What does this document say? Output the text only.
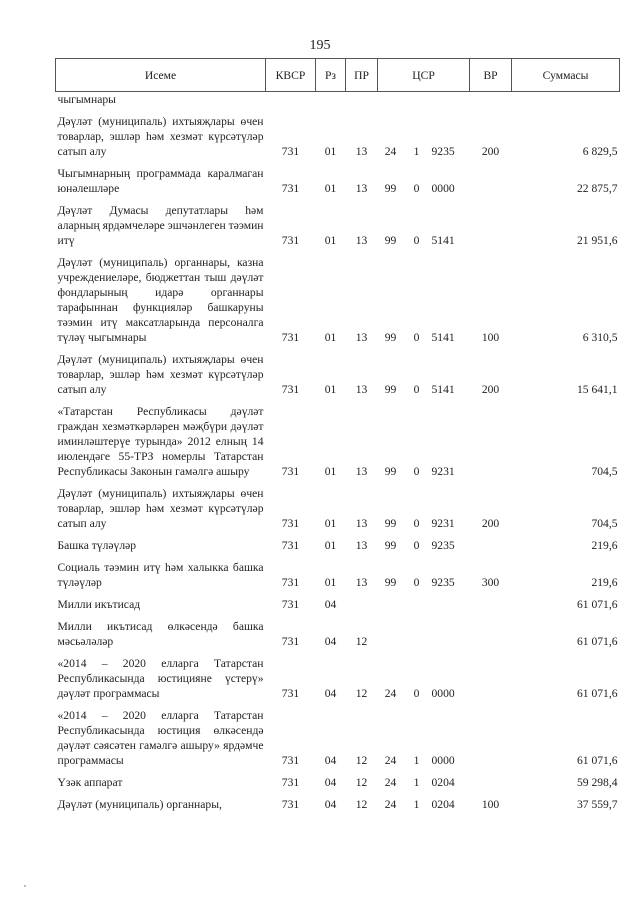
195
Исеме	КВСР	Рз	ПР	ЦСР			ВР	Суммасы
чыгымнары								
Дәүләт (муниципаль) ихтыяҗлары өчен товарлар, эшләр һәм хезмәт күрсәтүләр сатып алу	731	01	13	24	1	9235	200	6 829,5
Чыгымнарның программада каралмаган юнәлешләре	731	01	13	99	0	0000		22 875,7
Дәүләт Думасы депутатлары һәм аларның ярдәмчеләре эшчәнлеген тәэмин итү	731	01	13	99	0	5141		21 951,6
Дәүләт (муниципаль) органнары, казна учреждениеләре, бюджеттан тыш дәүләт фондларының идарә органнары тарафыннан функцияләр башкаруны тәэмин итү максатларында персоналга түләү чыгымнары	731	01	13	99	0	5141	100	6 310,5
Дәүләт (муниципаль) ихтыяҗлары өчен товарлар, эшләр һәм хезмәт күрсәтүләр сатып алу	731	01	13	99	0	5141	200	15 641,1
«Татарстан Республикасы дәүләт граждан хезмәткәрләрен мәҗбүри дәүләт иминләштерүе турында» 2012 елның 14 июлендәге 55-ТРЗ номерлы Татарстан Республикасы Законын гамәлгә ашыру	731	01	13	99	0	9231		704,5
Дәүләт (муниципаль) ихтыяҗлары өчен товарлар, эшләр һәм хезмәт күрсәтүләр сатып алу	731	01	13	99	0	9231	200	704,5
Башка түләүләр	731	01	13	99	0	9235		219,6
Социаль тәэмин итү һәм халыкка башка түләүләр	731	01	13	99	0	9235	300	219,6
Милли икътисад	731	04						61 071,6
Милли икътисад өлкәсендә башка мәсьәләләр	731	04	12					61 071,6
«2014 – 2020 елларга Татарстан Республикасында юстицияне үстерү» дәүләт программасы	731	04	12	24	0	0000		61 071,6
«2014 – 2020 елларга Татарстан Республикасында юстиция өлкәсендә дәүләт сәясәтен гамәлгә ашыру» ярдәмче программасы	731	04	12	24	1	0000		61 071,6
Үзәк аппарат	731	04	12	24	1	0204		59 298,4
Дәүләт (муниципаль) органнары,	731	04	12	24	1	0204	100	37 559,7
